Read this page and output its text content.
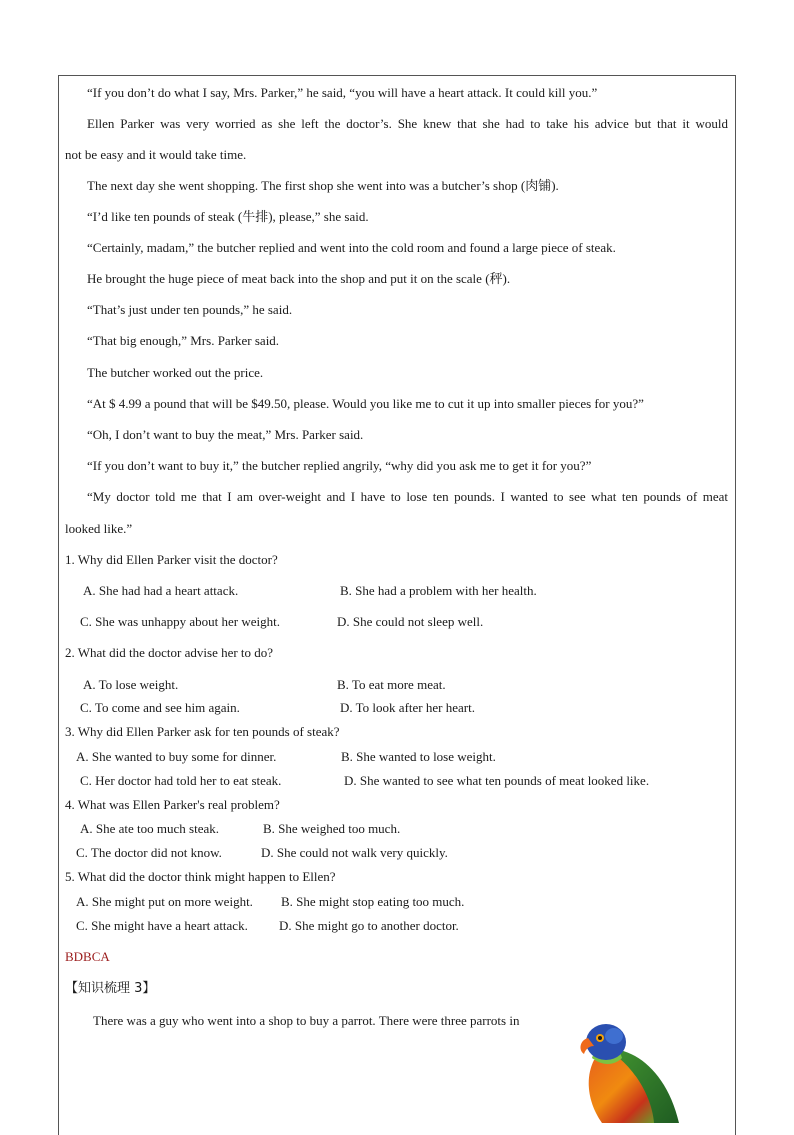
“If you don’t do what I say, Mrs. Parker,” he said, “you will have a heart attack. It could kill you.”
Ellen Parker was very worried as she left the doctor’s. She knew that she had to take his advice but that it would
not be easy and it would take time.
The next day she went shopping. The first shop she went into was a butcher’s shop (肉铺).
“I’d like ten pounds of steak (牛排), please,” she said.
“Certainly, madam,” the butcher replied and went into the cold room and found a large piece of steak.
He brought the huge piece of meat back into the shop and put it on the scale (秤).
“That’s just under ten pounds,” he said.
“That big enough,” Mrs. Parker said.
The butcher worked out the price.
“At $ 4.99 a pound that will be $49.50, please. Would you like me to cut it up into smaller pieces for you?”
“Oh, I don’t want to buy the meat,” Mrs. Parker said.
“If you don’t want to buy it,” the butcher replied angrily, “why did you ask me to get it for you?”
“My doctor told me that I am over-weight and I have to lose ten pounds. I wanted to see what ten pounds of meat
looked like.”
1. Why did Ellen Parker visit the doctor?
A. She had had a heart attack.	B. She had a problem with her health.
C. She was unhappy about her weight.	D. She could not sleep well.
2. What did the doctor advise her to do?
A. To lose weight.	B. To eat more meat.
C. To come and see him again.	D. To look after her heart.
3. Why did Ellen Parker ask for ten pounds of steak?
A. She wanted to buy some for dinner.	B. She wanted to lose weight.
C. Her doctor had told her to eat steak.	D. She wanted to see what ten pounds of meat looked like.
4. What was Ellen Parker's real problem?
A. She ate too much steak.	B. She weighed too much.
C. The doctor did not know.	D. She could not walk very quickly.
5. What did the doctor think might happen to Ellen?
A. She might put on more weight. B. She might stop eating too much.
C. She might have a heart attack. D. She might go to another doctor.
BDBCA
【知识梳理 3】
There was a guy who went into a shop to buy a parrot. There were three parrots in
